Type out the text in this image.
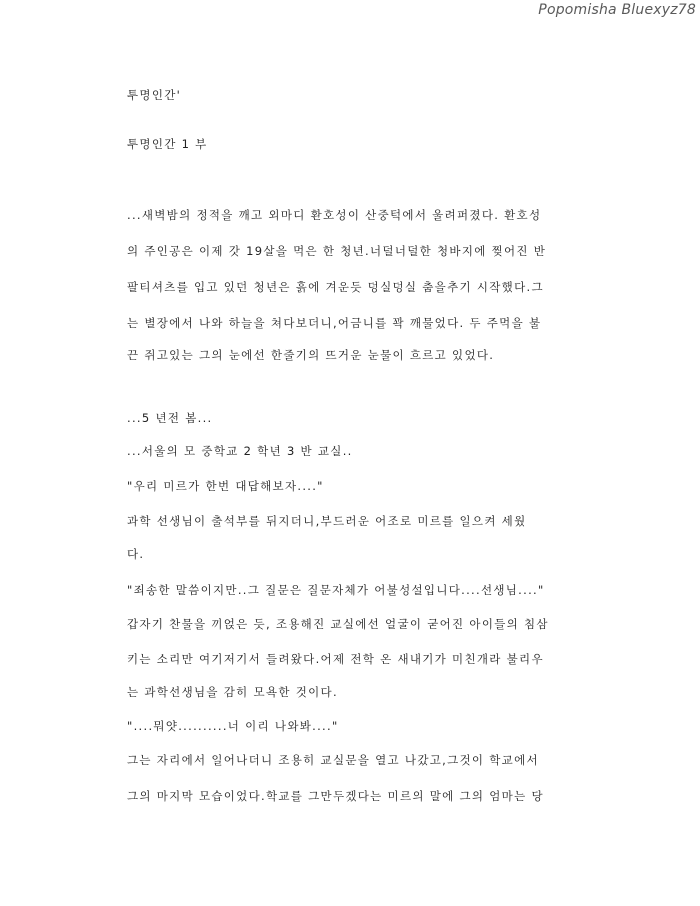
Popomisha Bluexyz78
투명인간'
투명인간 1 부
...새벽밤의 정적을 깨고 외마디 환호성이 산중턱에서 울려퍼졌다. 환호성
의 주인공은 이제 갓 19살을 먹은 한 청년.너덜너덜한 청바지에 찢어진 반
팔티셔츠를 입고 있던 청년은 흙에 겨운듯 덩실덩실 춤을추기 시작했다.그
는 별장에서 나와 하늘을 쳐다보더니,어금니를 꽉 깨물었다. 두 주먹을 불
끈 쥐고있는 그의 눈에선 한줄기의 뜨거운 눈물이 흐르고 있었다.
...5 년전 봄...
...서울의 모 중학교 2 학년 3 반 교실..
"우리 미르가 한번 대답해보자...."
과학 선생님이 출석부를 뒤지더니,부드러운 어조로 미르를 일으켜 세웠
다.
"죄송한 말씀이지만..그 질문은 질문자체가 어불성설입니다....선생님...."
갑자기 찬물을 끼얹은 듯, 조용해진 교실에선 얼굴이 굳어진 아이들의 침삼
키는 소리만 여기저기서 들려왔다.어제 전학 온 새내기가 미친개라 불리우
는 과학선생님을 감히 모욕한 것이다.
"....뭐얏..........너 이리 나와봐...."
그는 자리에서 일어나더니 조용히 교실문을 열고 나갔고,그것이 학교에서
그의 마지막 모습이었다.학교를 그만두겠다는 미르의 말에 그의 엄마는 당
